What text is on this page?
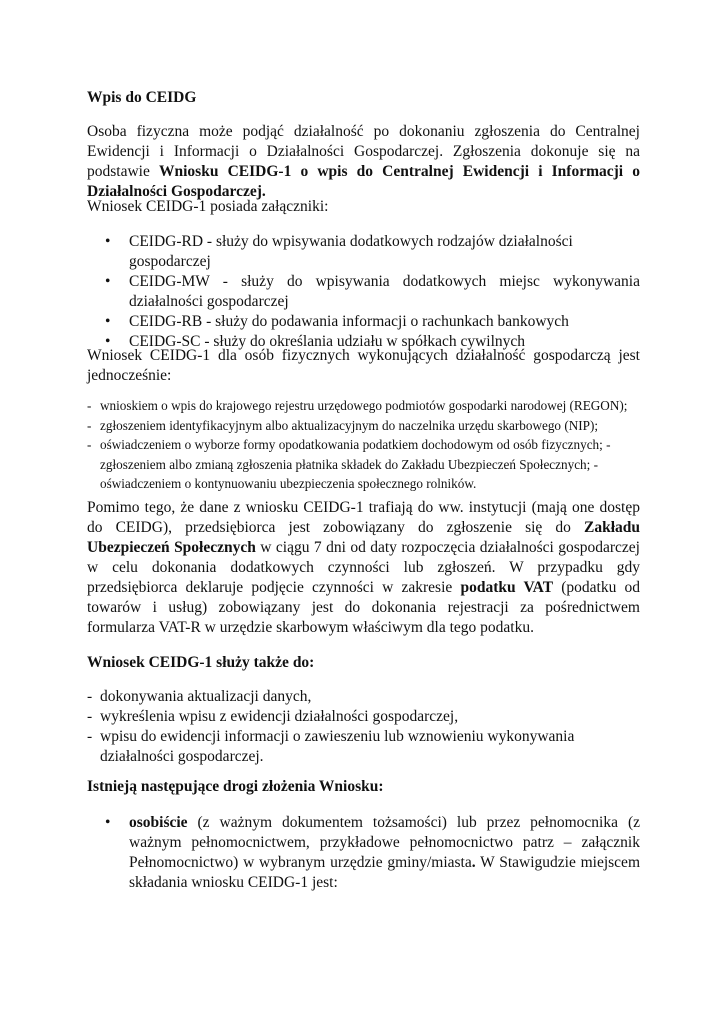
Wpis do CEIDG

Osoba fizyczna może podjąć działalność po dokonaniu zgłoszenia do Centralnej Ewidencji i Informacji o Działalności Gospodarczej. Zgłoszenia dokonuje się na podstawie Wniosku CEIDG-1 o wpis do Centralnej Ewidencji i Informacji o Działalności Gospodarczej.

Wniosek CEIDG-1 posiada załączniki:

• CEIDG-RD - służy do wpisywania dodatkowych rodzajów działalności gospodarczej
• CEIDG-MW - służy do wpisywania dodatkowych miejsc wykonywania działalności gospodarczej
• CEIDG-RB - służy do podawania informacji o rachunkach bankowych
• CEIDG-SC - służy do określania udziału w spółkach cywilnych

Wniosek CEIDG-1 dla osób fizycznych wykonujących działalność gospodarczą jest jednocześnie:

- wnioskiem o wpis do krajowego rejestru urzędowego podmiotów gospodarki narodowej (REGON);
- zgłoszeniem identyfikacyjnym albo aktualizacyjnym do naczelnika urzędu skarbowego (NIP);
- oświadczeniem o wyborze formy opodatkowania podatkiem dochodowym od osób fizycznych; -
zgłoszeniem albo zmianą zgłoszenia płatnika składek do Zakładu Ubezpieczeń Społecznych; -
oświadczeniem o kontynuowaniu ubezpieczenia społecznego rolników.

Pomimo tego, że dane z wniosku CEIDG-1 trafiają do ww. instytucji (mają one dostęp do CEIDG), przedsiębiorca jest zobowiązany do zgłoszenie się do Zakładu Ubezpieczeń Społecznych w ciągu 7 dni od daty rozpoczęcia działalności gospodarczej w celu dokonania dodatkowych czynności lub zgłoszeń. W przypadku gdy przedsiębiorca deklaruje podjęcie czynności w zakresie podatku VAT (podatku od towarów i usług) zobowiązany jest do dokonania rejestracji za pośrednictwem formularza VAT-R w urzędzie skarbowym właściwym dla tego podatku.

Wniosek CEIDG-1 służy także do:

- dokonywania aktualizacji danych,
- wykreślenia wpisu z ewidencji działalności gospodarczej,
- wpisu do ewidencji informacji o zawieszeniu lub wznowieniu wykonywania działalności gospodarczej.

Istnieją następujące drogi złożenia Wniosku:

• osobiście (z ważnym dokumentem tożsamości) lub przez pełnomocnika (z ważnym pełnomocnictwem, przykładowe pełnomocnictwo patrz – załącznik Pełnomocnictwo) w wybranym urzędzie gminy/miasta. W Stawigudzie miejscem składania wniosku CEIDG-1 jest:
